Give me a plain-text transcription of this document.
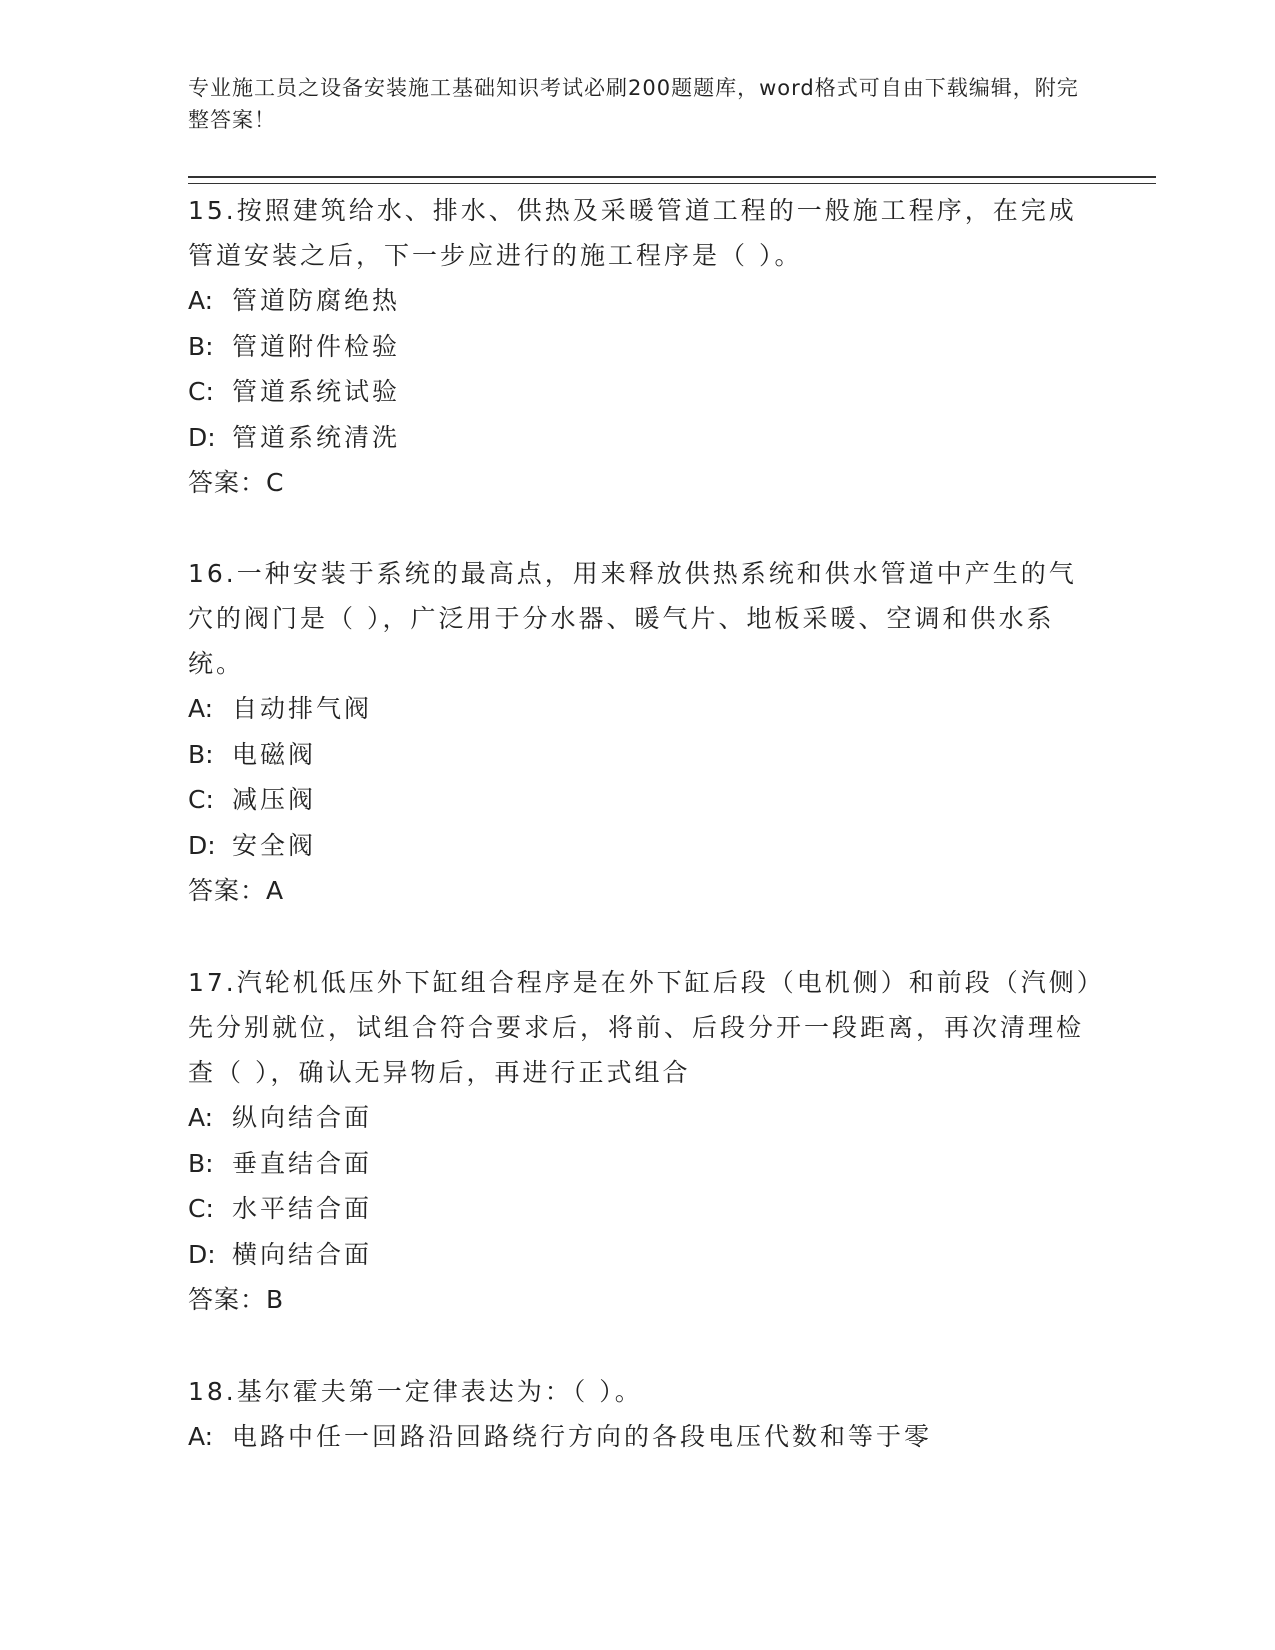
专业施工员之设备安装施工基础知识考试必刷200题题库，word格式可自由下载编辑，附完整答案！

15.按照建筑给水、排水、供热及采暖管道工程的一般施工程序，在完成管道安装之后，下一步应进行的施工程序是（ ）。

A: 管道防腐绝热

B: 管道附件检验

C: 管道系统试验

D: 管道系统清洗

答案：C

16.一种安装于系统的最高点，用来释放供热系统和供水管道中产生的气穴的阀门是（ ），广泛用于分水器、暖气片、地板采暖、空调和供水系统。

A: 自动排气阀

B: 电磁阀

C: 减压阀

D: 安全阀

答案：A

17.汽轮机低压外下缸组合程序是在外下缸后段（电机侧）和前段（汽侧）先分别就位，试组合符合要求后，将前、后段分开一段距离，再次清理检查（ ），确认无异物后，再进行正式组合

A: 纵向结合面

B: 垂直结合面

C: 水平结合面

D: 横向结合面

答案：B

18.基尔霍夫第一定律表达为：（ ）。

A: 电路中任一回路沿回路绕行方向的各段电压代数和等于零
